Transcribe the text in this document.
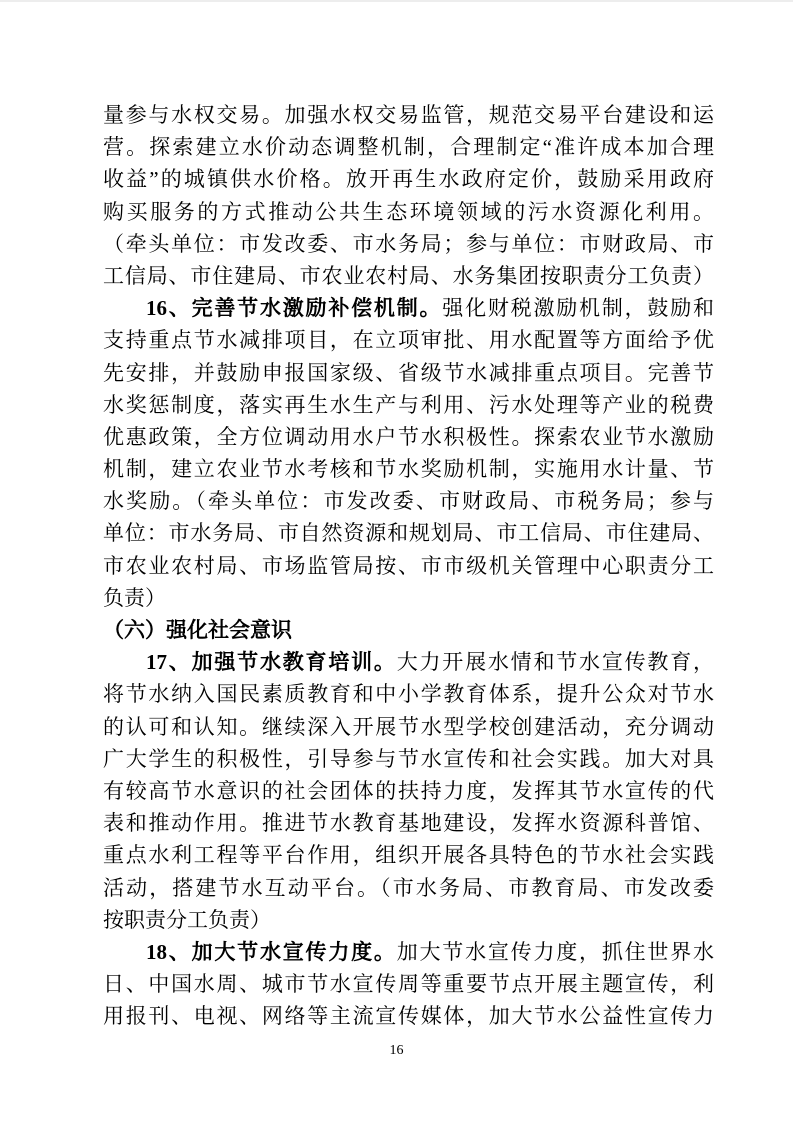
量参与水权交易。加强水权交易监管，规范交易平台建设和运
营。探索建立水价动态调整机制，合理制定“准许成本加合理
收益”的城镇供水价格。放开再生水政府定价，鼓励采用政府
购买服务的方式推动公共生态环境领域的污水资源化利用。
（牵头单位：市发改委、市水务局；参与单位：市财政局、市
工信局、市住建局、市农业农村局、水务集团按职责分工负责）
16、完善节水激励补偿机制。强化财税激励机制，鼓励和
支持重点节水减排项目，在立项审批、用水配置等方面给予优
先安排，并鼓励申报国家级、省级节水减排重点项目。完善节
水奖惩制度，落实再生水生产与利用、污水处理等产业的税费
优惠政策，全方位调动用水户节水积极性。探索农业节水激励
机制，建立农业节水考核和节水奖励机制，实施用水计量、节
水奖励。（牵头单位：市发改委、市财政局、市税务局；参与
单位：市水务局、市自然资源和规划局、市工信局、市住建局、
市农业农村局、市场监管局按、市市级机关管理中心职责分工
负责）
（六）强化社会意识
17、加强节水教育培训。大力开展水情和节水宣传教育，
将节水纳入国民素质教育和中小学教育体系，提升公众对节水
的认可和认知。继续深入开展节水型学校创建活动，充分调动
广大学生的积极性，引导参与节水宣传和社会实践。加大对具
有较高节水意识的社会团体的扶持力度，发挥其节水宣传的代
表和推动作用。推进节水教育基地建设，发挥水资源科普馆、
重点水利工程等平台作用，组织开展各具特色的节水社会实践
活动，搭建节水互动平台。（市水务局、市教育局、市发改委
按职责分工负责）
18、加大节水宣传力度。加大节水宣传力度，抓住世界水
日、中国水周、城市节水宣传周等重要节点开展主题宣传，利
用报刊、电视、网络等主流宣传媒体，加大节水公益性宣传力
16
